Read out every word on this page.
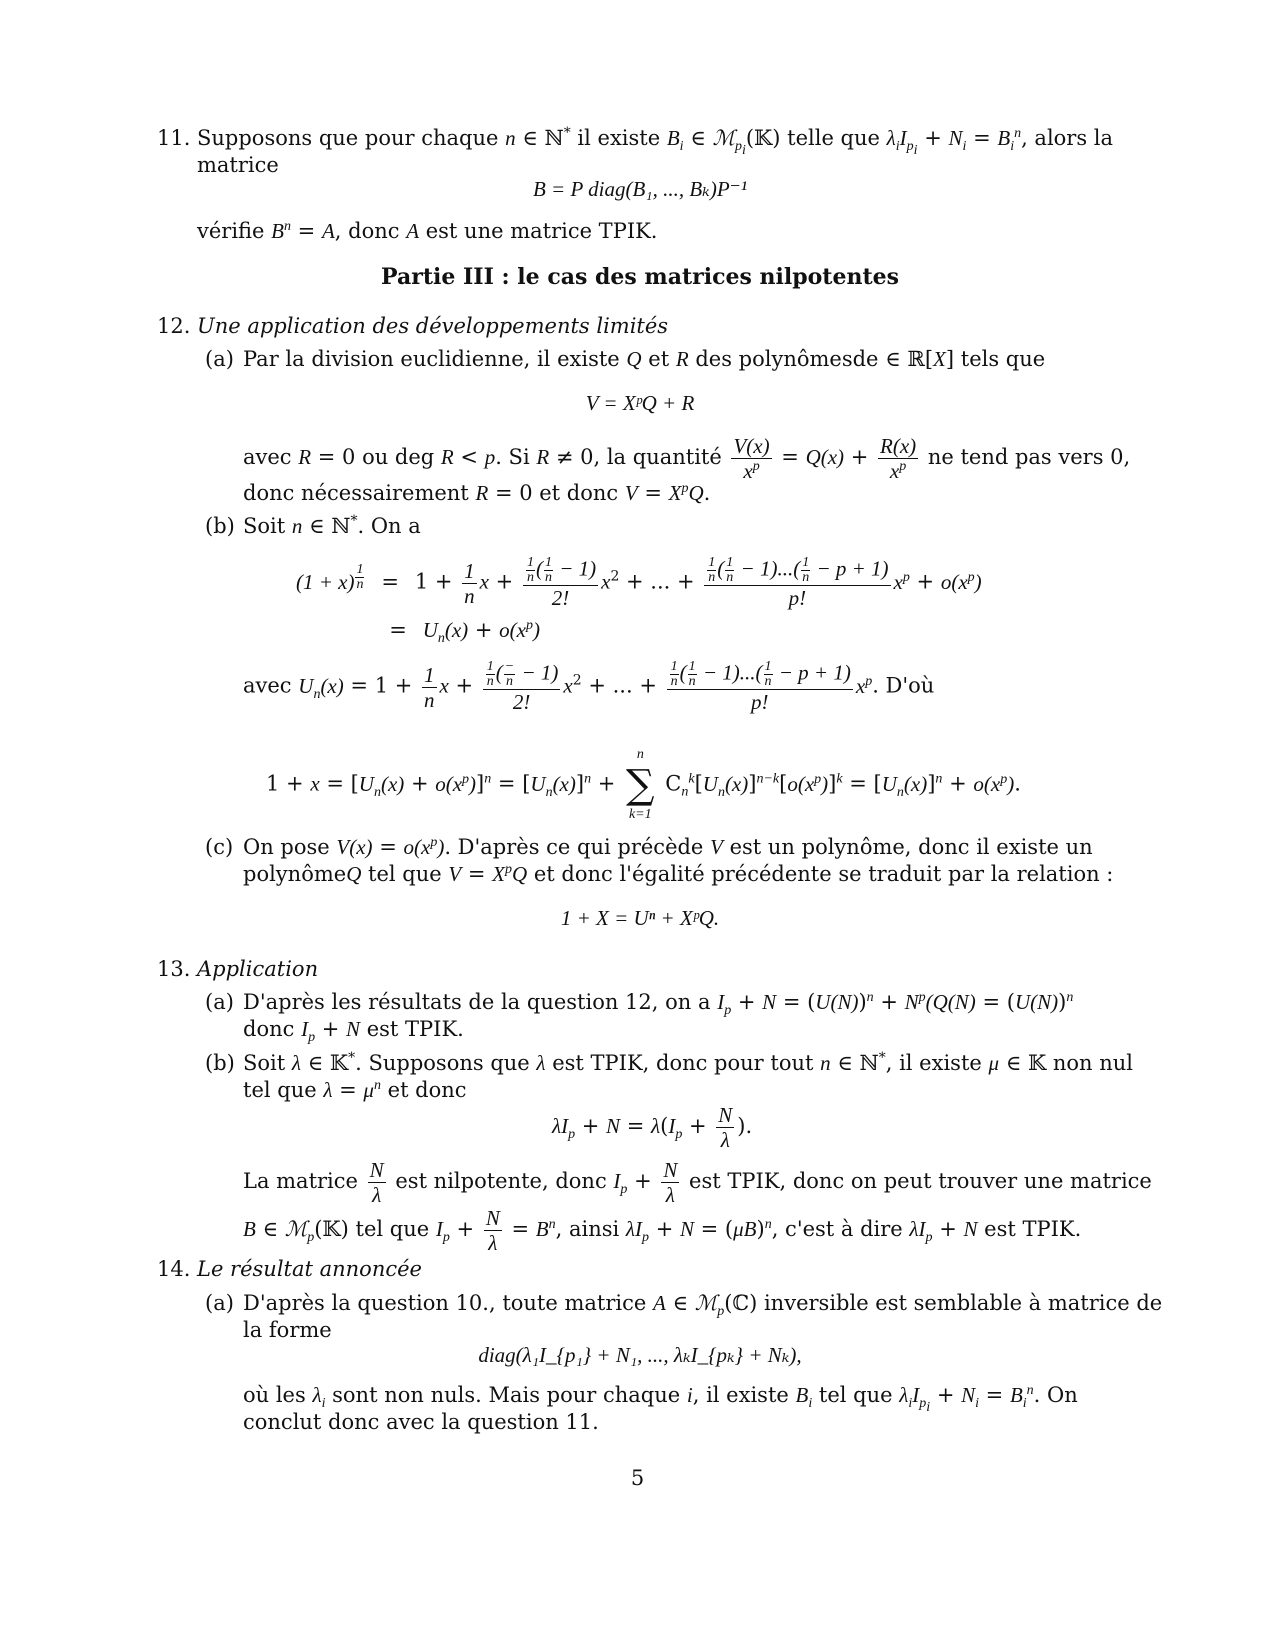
11. Supposons que pour chaque n ∈ ℕ* il existe $B_i$ ∈ ℳ$_{p_i}$(𝕂) telle que $\lambda_iI_{p_i} + N_i = B_i^n$, alors la
matrice
B = P diag(B₁, ..., Bₖ)P⁻¹
vérifie $B^n = A$, donc A est une matrice TPIK.
Partie III : le cas des matrices nilpotentes
12. Une application des développements limités
(a) Par la division euclidienne, il existe Q et R des polynômesde ∈ ℝ[X] tels que
V = XᵖQ + R
avec R = 0 ou deg R < p. Si R ≠ 0, la quantité $\frac{V(x)}{x^p} = Q(x) + \frac{R(x)}{x^p}$ ne tend pas vers 0,
donc nécessairement R = 0 et donc $V = X^pQ$.
(b) Soit n ∈ ℕ*. On a
(1 + x) $^{\frac{1}{n}} = 1 + \frac{1}{n}$ $x + \frac{\frac{1}{n} ( \frac{1}{n} - 1)}{2!} x^2$ + ... + $\frac{\frac{1}{n} ( \frac{1}{n} - 1)...( \frac{1}{n} - p + 1)}{p!} x^p + o(x^p)$
= $U_n(x) + o(x^p)$
avec $U_n(x) = 1 + \frac{1}{n}$ $x + \frac{1}{n}$ ( −
n − 1)
2! $x^2$ + ... + $\frac{\frac{1}{n} ( \frac{1}{n} - 1)...( \frac{1}{n} - p + 1)}{p!} x^p$. D'où
$1 + x = [U_n(x) + o(x^p)]^n = [U_n(x)]^n$ +
n
∑
k=1
$C_n^k[U_n(x)]^{n-k}[o(x^p)]^k = [U_n(x)]^n + o(x^p)$.
(c) On pose $V(x) = o(x^p)$. D'après ce qui précède V est un polynôme, donc il existe un
polynômeQ tel que $V = X^pQ$ et donc l'égalité précédente se traduit par la relation :
1 + X = Uⁿ + XᵖQ.
13. Application
(a) D'après les résultats de la question 12, on a $I_p + N = (U(N))^n + N^p(Q(N) = (U(N))^n$
donc $I_p + N$ est TPIK.
(b) Soit λ ∈ 𝕂*. Supposons que λ est TPIK, donc pour tout n ∈ ℕ*, il existe μ ∈ 𝕂 non nul
tel que $\lambda = \mu^n$ et donc
$\lambda I_p + N = \lambda(I_p + \frac{N}{\lambda}$ ).
La matrice $\frac{N}{\lambda}$ est nilpotente, donc $I_p + \frac{N}{\lambda}$ est TPIK, donc on peut trouver une matrice
B ∈ ℳ$_p$(𝕂) tel que $I_p + \frac{N}{\lambda} = B^n$, ainsi $\lambda I_p + N = (\mu B)^n$, c'est à dire $\lambda I_p + N$ est TPIK.
14. Le résultat annoncée
(a) D'après la question 10., toute matrice A ∈ ℳ$_p$(ℂ) inversible est semblable à matrice de
la forme
diag(λ₁I_{p₁} + N₁, ..., λₖI_{pₖ} + Nₖ),
où les $\lambda_i$ sont non nuls. Mais pour chaque i, il existe $B_i$ tel que $\lambda_iI_{p_i} + N_i = B_i^n$. On
conclut donc avec la question 11.
5
